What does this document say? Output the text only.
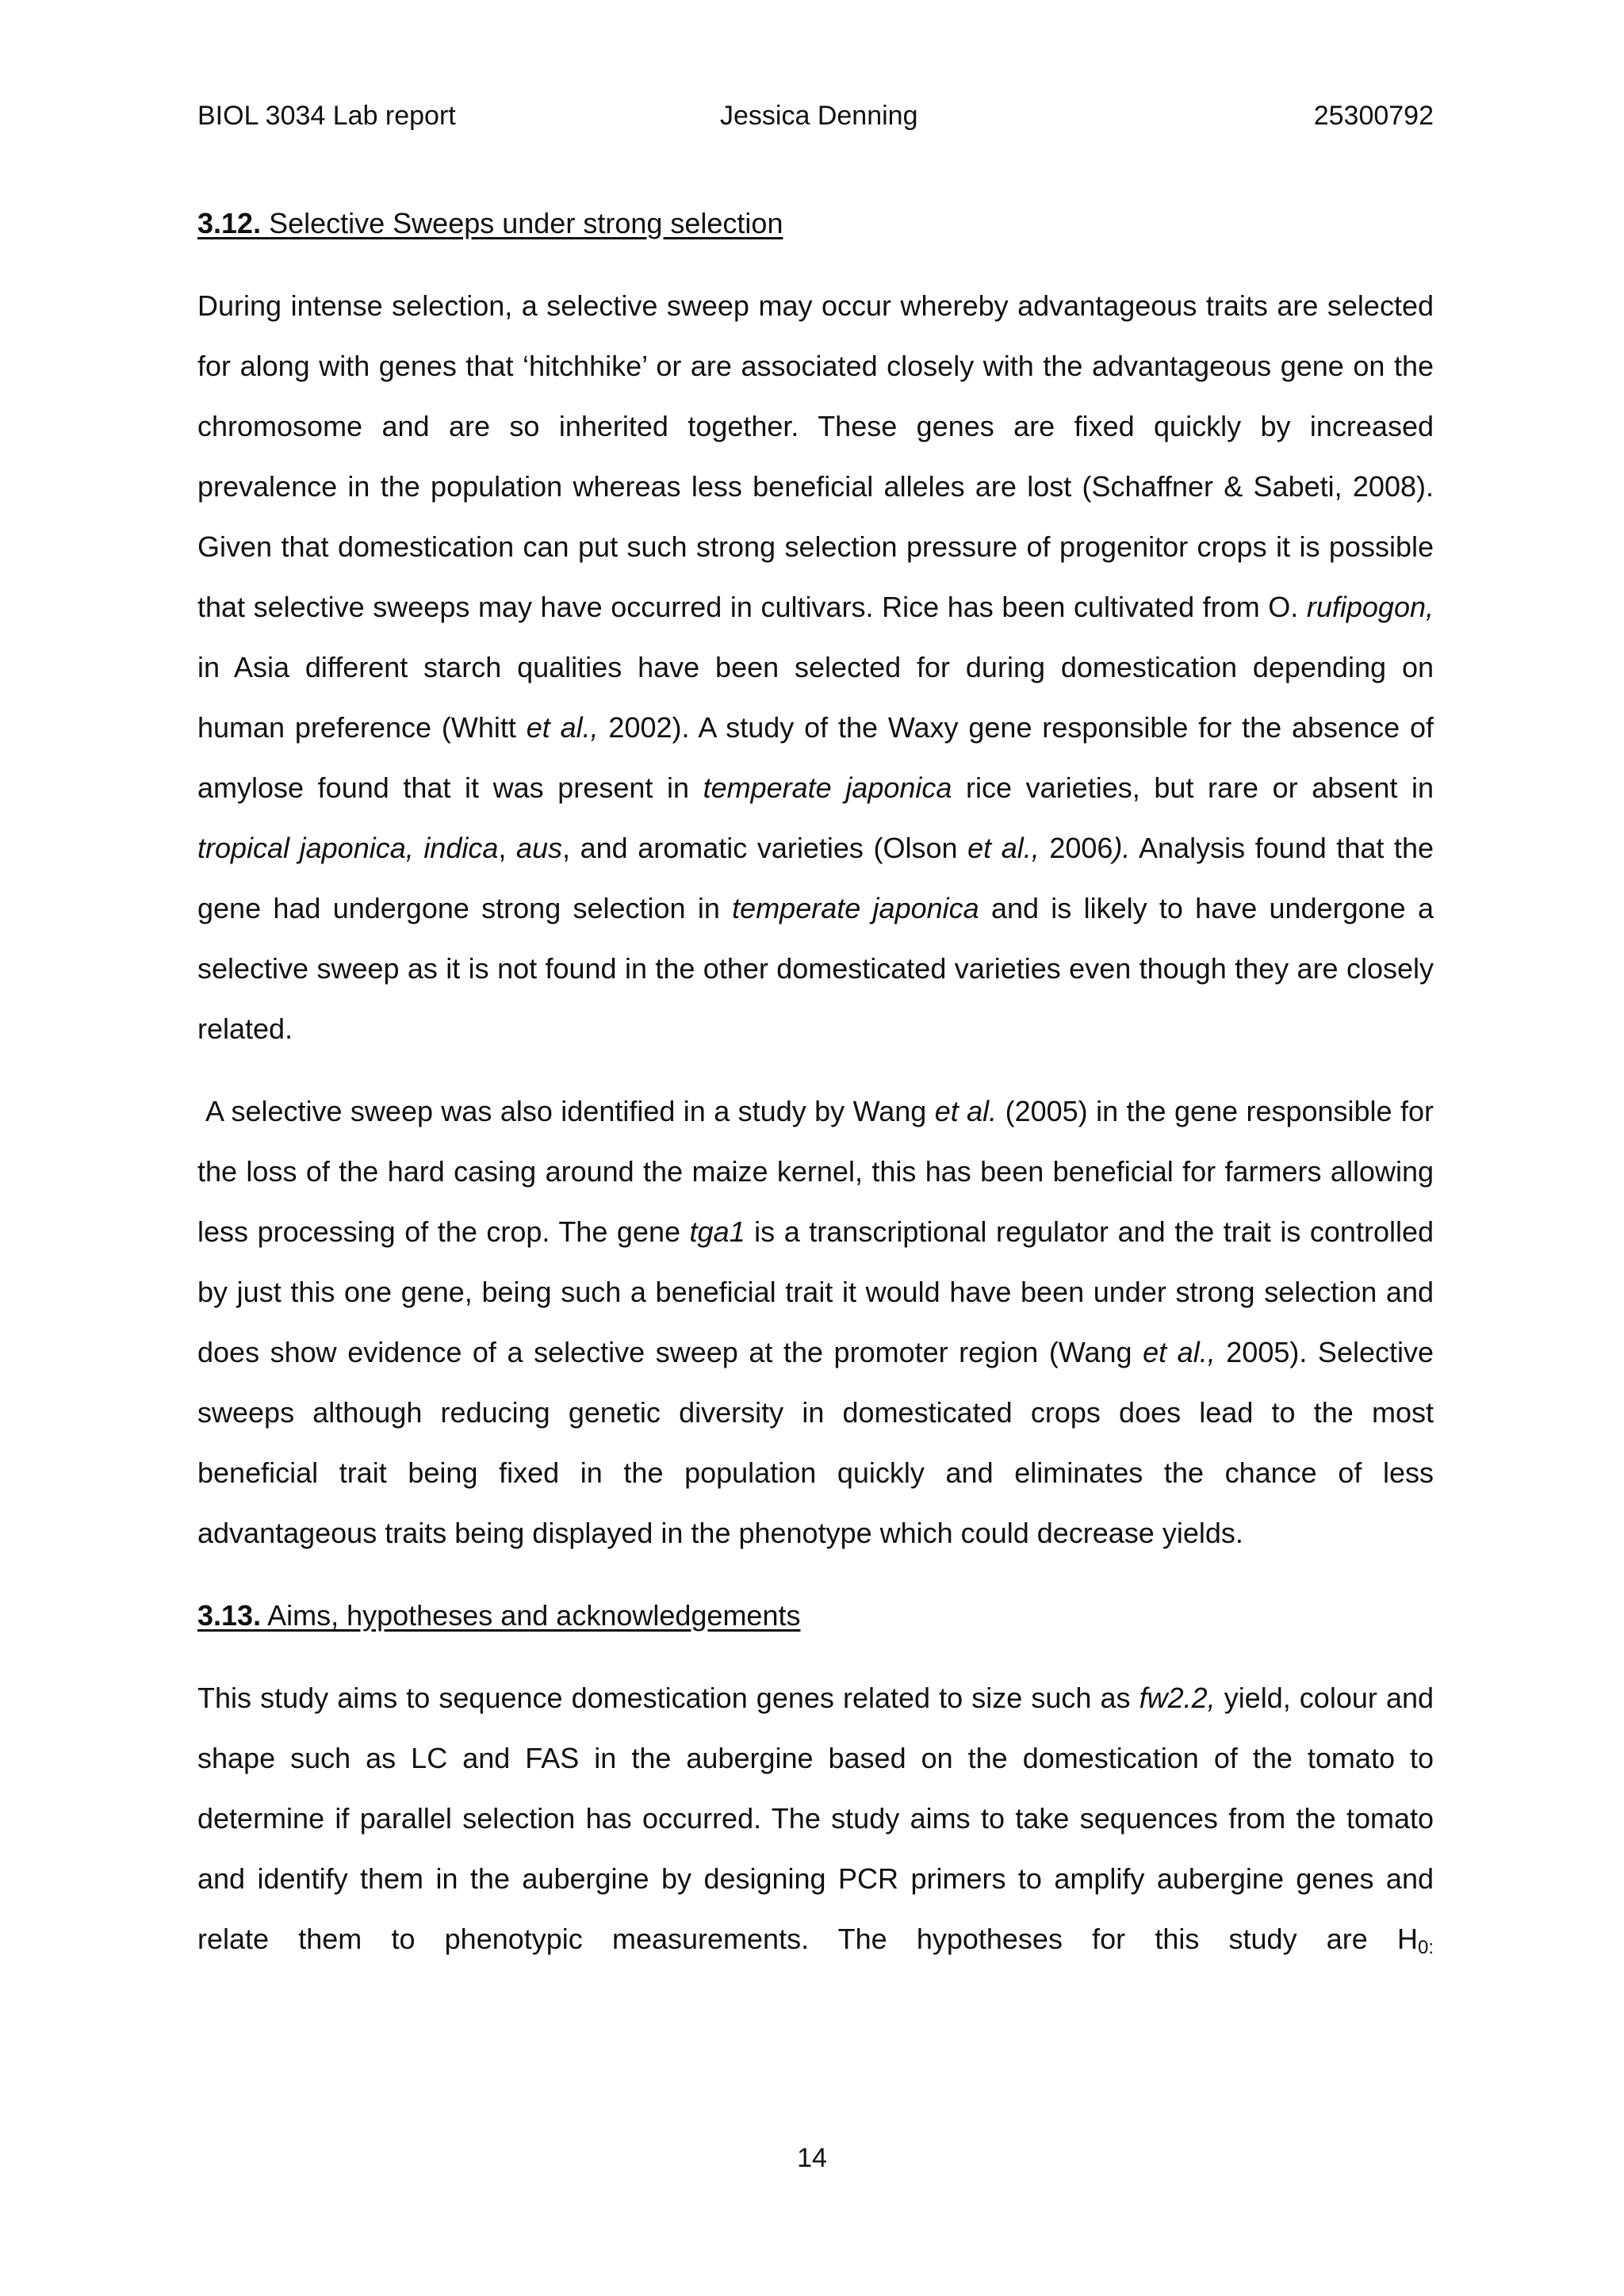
BIOL 3034 Lab report	Jessica Denning	25300792
3.12. Selective Sweeps under strong selection

During intense selection, a selective sweep may occur whereby advantageous traits are selected for along with genes that ‘hitchhike’ or are associated closely with the advantageous gene on the chromosome and are so inherited together. These genes are fixed quickly by increased prevalence in the population whereas less beneficial alleles are lost (Schaffner & Sabeti, 2008). Given that domestication can put such strong selection pressure of progenitor crops it is possible that selective sweeps may have occurred in cultivars. Rice has been cultivated from O. rufipogon, in Asia different starch qualities have been selected for during domestication depending on human preference (Whitt et al., 2002). A study of the Waxy gene responsible for the absence of amylose found that it was present in temperate japonica rice varieties, but rare or absent in tropical japonica, indica, aus, and aromatic varieties (Olson et al., 2006). Analysis found that the gene had undergone strong selection in temperate japonica and is likely to have undergone a selective sweep as it is not found in the other domesticated varieties even though they are closely related.

A selective sweep was also identified in a study by Wang et al. (2005) in the gene responsible for the loss of the hard casing around the maize kernel, this has been beneficial for farmers allowing less processing of the crop. The gene tga1 is a transcriptional regulator and the trait is controlled by just this one gene, being such a beneficial trait it would have been under strong selection and does show evidence of a selective sweep at the promoter region (Wang et al., 2005). Selective sweeps although reducing genetic diversity in domesticated crops does lead to the most beneficial trait being fixed in the population quickly and eliminates the chance of less advantageous traits being displayed in the phenotype which could decrease yields.

3.13. Aims, hypotheses and acknowledgements

This study aims to sequence domestication genes related to size such as fw2.2, yield, colour and shape such as LC and FAS in the aubergine based on the domestication of the tomato to determine if parallel selection has occurred. The study aims to take sequences from the tomato and identify them in the aubergine by designing PCR primers to amplify aubergine genes and relate them to phenotypic measurements. The hypotheses for this study are $H_{0:}$

14
